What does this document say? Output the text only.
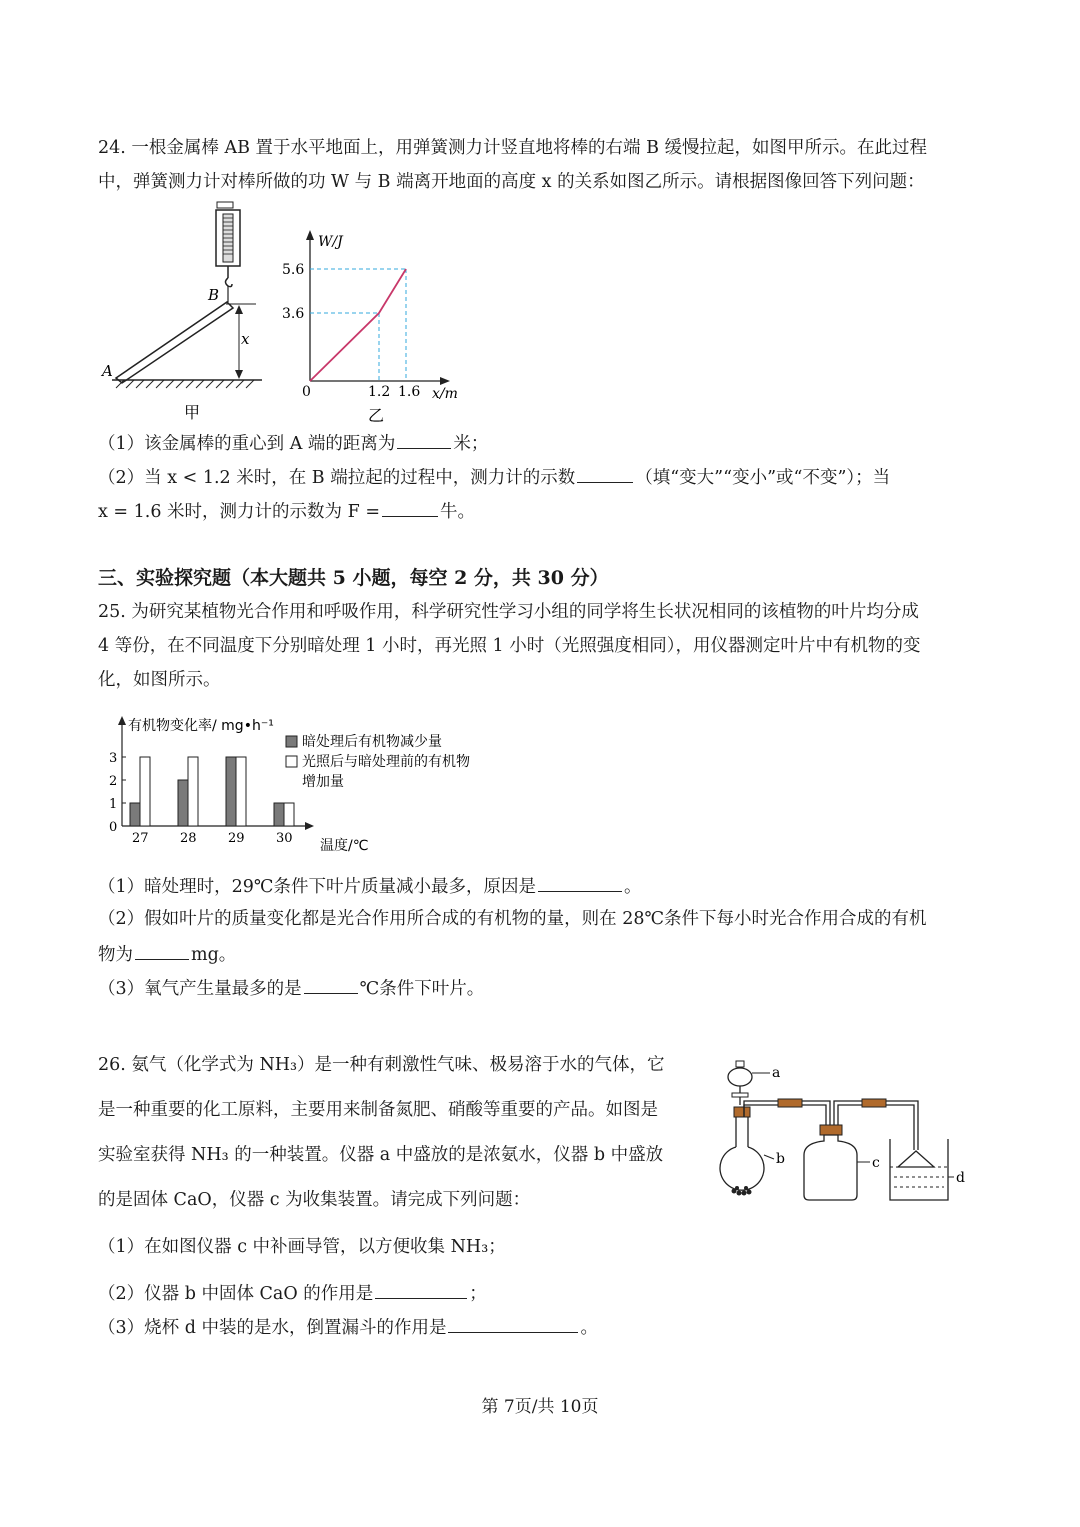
24. 一根金属棒 AB 置于水平地面上，用弹簧测力计竖直地将棒的右端 B 缓慢拉起，如图甲所示。在此过程
中，弹簧测力计对棒所做的功 W 与 B 端离开地面的高度 x 的关系如图乙所示。请根据图像回答下列问题：
x
B
A
甲
W/J
x/m
0
5.6
3.6
1.2 1.6
乙
（1）该金属棒的重心到 A 端的距离为	米；
（2）当 x < 1.2 米时，在 B 端拉起的过程中，测力计的示数	（填“变大”“变小”或“不变”）；当
x = 1.6 米时，测力计的示数为 F =	牛。
三、实验探究题（本大题共 5 小题，每空 2 分，共 30 分）
25. 为研究某植物光合作用和呼吸作用，科学研究性学习小组的同学将生长状况相同的该植物的叶片均分成
4 等份，在不同温度下分别暗处理 1 小时，再光照 1 小时（光照强度相同），用仪器测定叶片中有机物的变
化，如图所示。
有机物变化率/ mg•h⁻¹
温度/℃
27 28 29 30
0
1
2
3
暗处理后有机物减少量
光照后与暗处理前的有机物
增加量
（1）暗处理时，29℃条件下叶片质量减小最多，原因是	。
（2）假如叶片的质量变化都是光合作用所合成的有机物的量，则在 28℃条件下每小时光合作用合成的有机
物为	mg。
（3）氧气产生量最多的是	℃条件下叶片。
26. 氨气（化学式为 NH₃）是一种有刺激性气味、极易溶于水的气体，它
是一种重要的化工原料，主要用来制备氮肥、硝酸等重要的产品。如图是
实验室获得 NH₃ 的一种装置。仪器 a 中盛放的是浓氨水，仪器 b 中盛放
的是固体 CaO，仪器 c 为收集装置。请完成下列问题：
a
b	c
d
（1）在如图仪器 c 中补画导管，以方便收集 NH₃；
（2）仪器 b 中固体 CaO 的作用是	；
（3）烧杯 d 中装的是水，倒置漏斗的作用是	。
第 7页/共 10页
